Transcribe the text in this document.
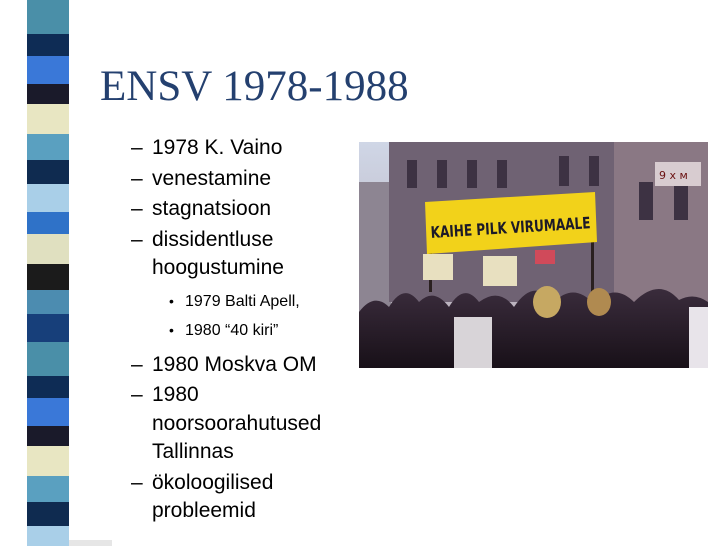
ENSV 1978-1988
– 1978 K. Vaino
– venestamine
– stagnatsioon
– dissidentluse hoogustumine
• 1979 Balti Apell,
• 1980 “40 kiri”
– 1980 Moskva OM
– 1980 noorsoorahutused Tallinnas
– ökoloogilised probleemid
9 x м
KAIHE PILK VIRUMAALE
